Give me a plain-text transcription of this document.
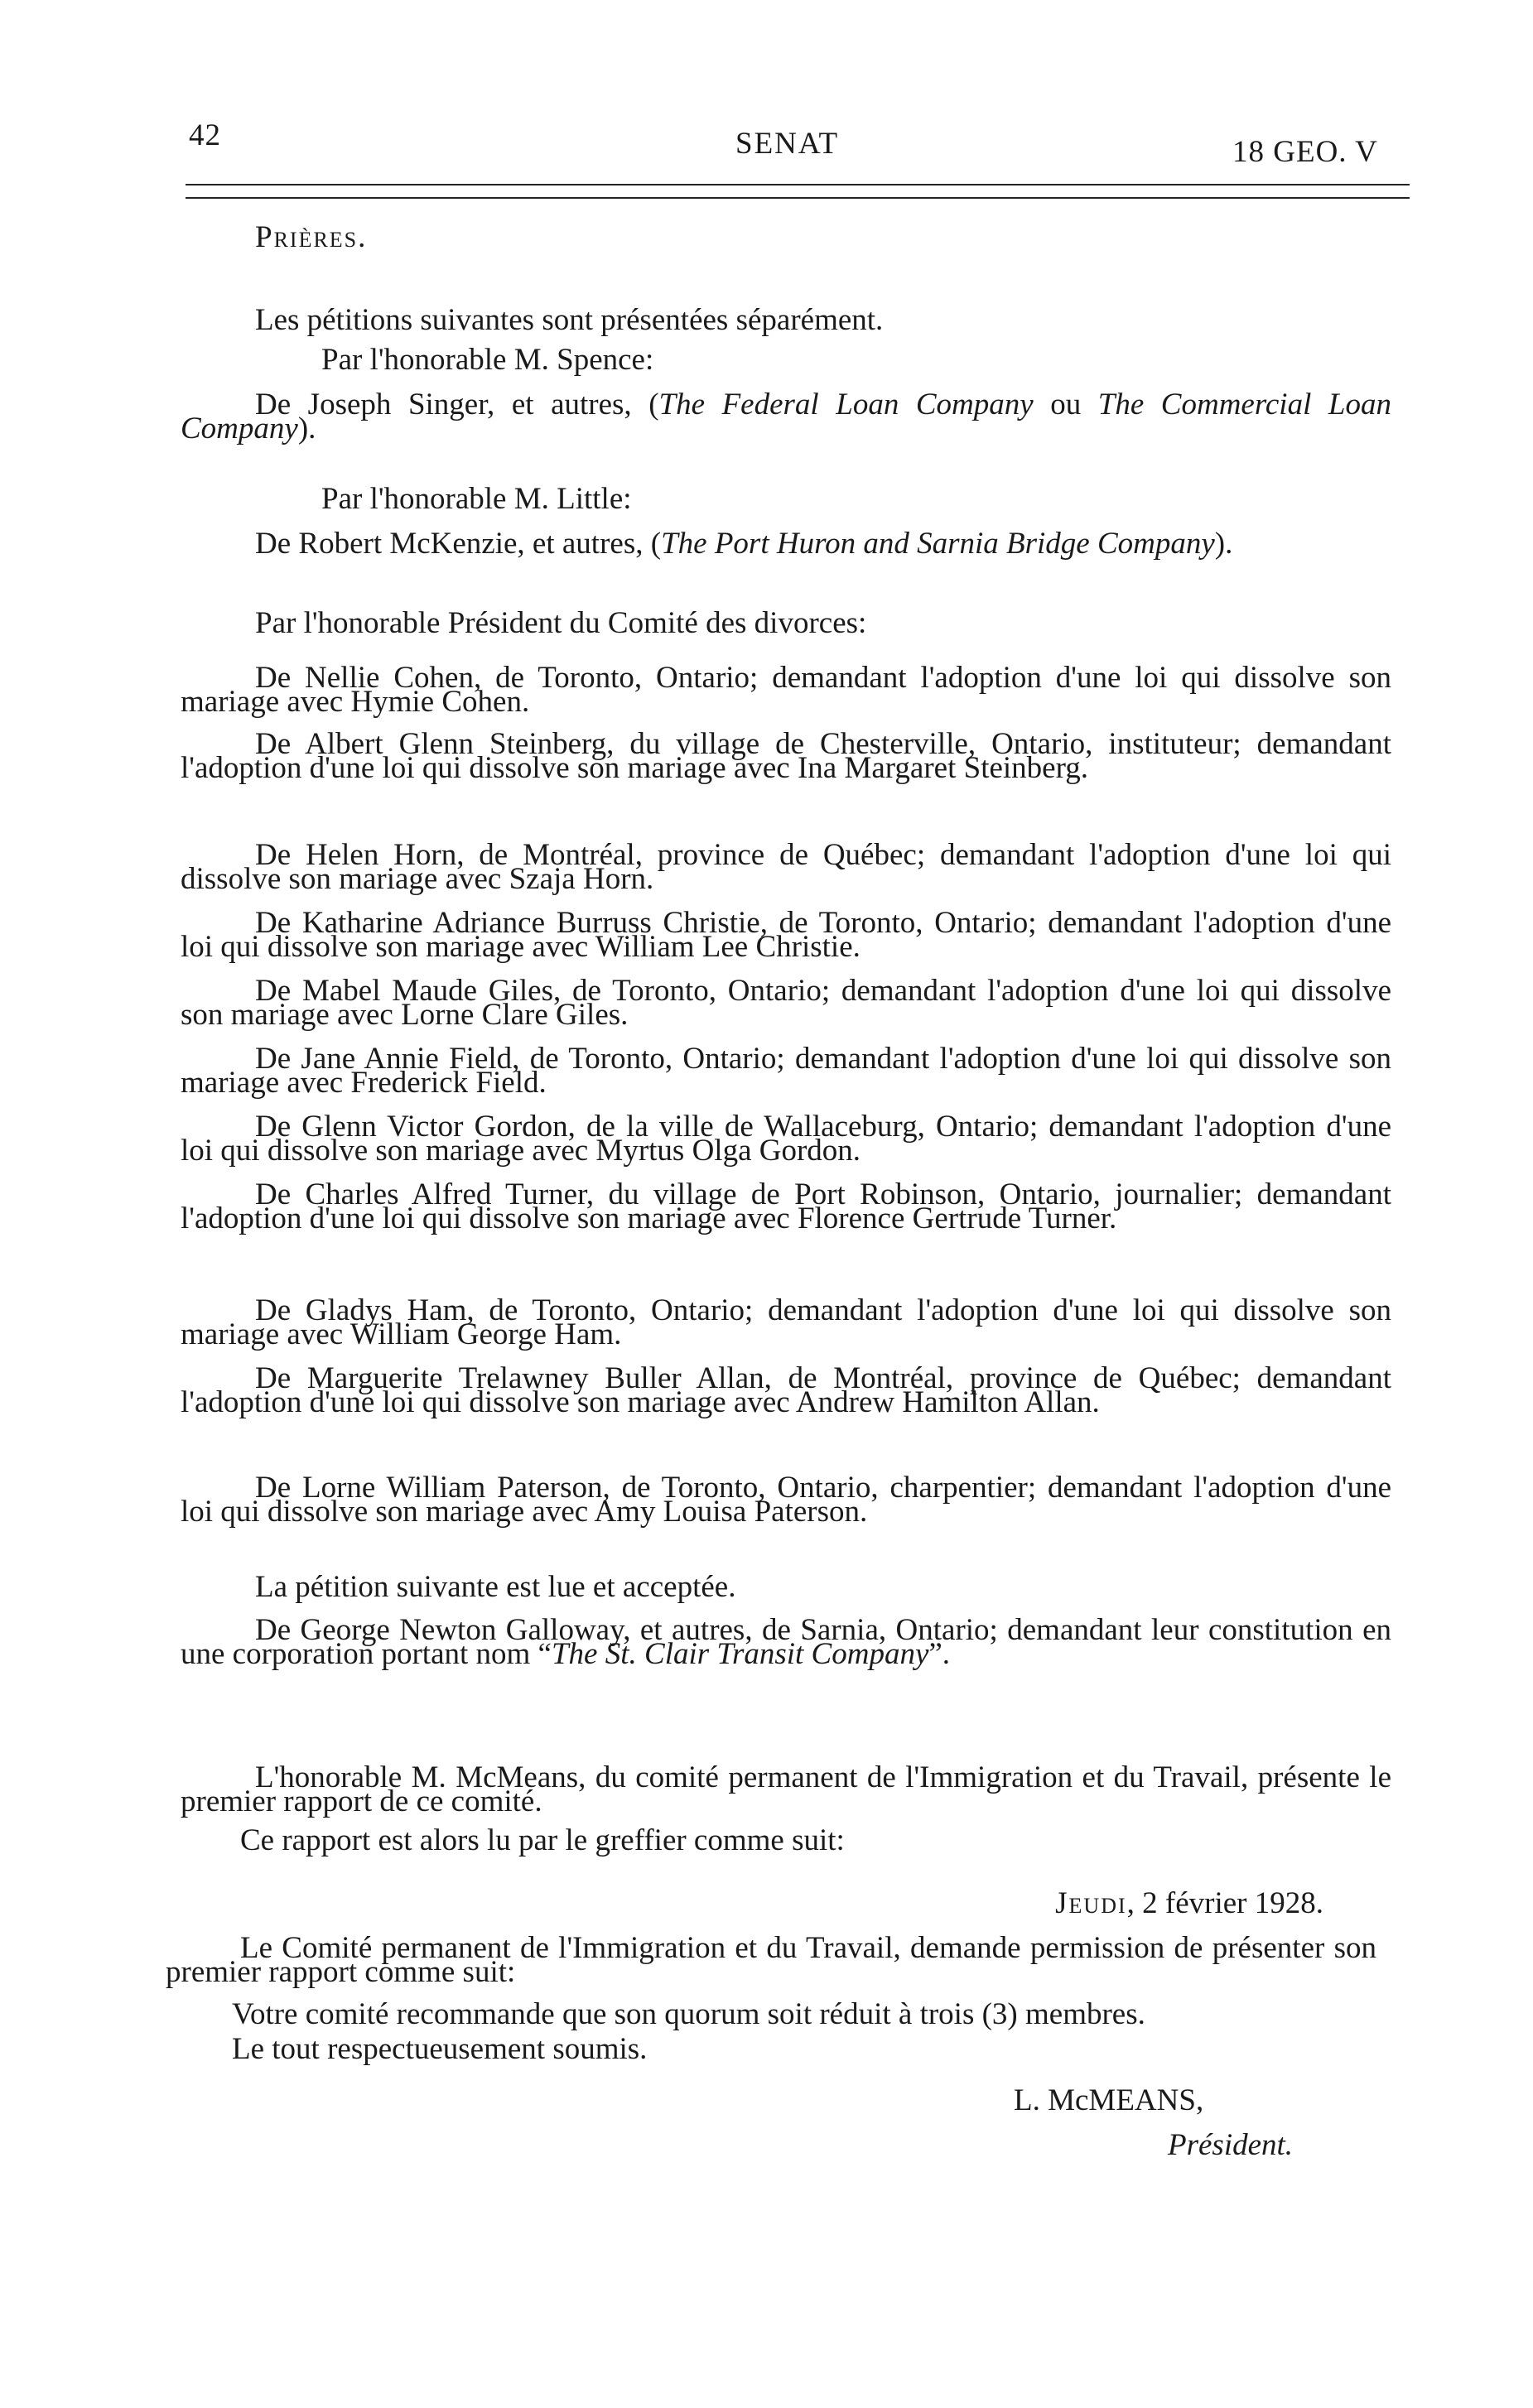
42	SENAT	18 GEO. V
Prières.
Les pétitions suivantes sont présentées séparément.
Par l'honorable M. Spence:

De Joseph Singer, et autres, (The Federal Loan Company ou The Commercial Loan Company).

Par l'honorable M. Little:

De Robert McKenzie, et autres, (The Port Huron and Sarnia Bridge Company).

Par l'honorable Président du Comité des divorces:

De Nellie Cohen, de Toronto, Ontario; demandant l'adoption d'une loi qui dissolve son mariage avec Hymie Cohen.

De Albert Glenn Steinberg, du village de Chesterville, Ontario, instituteur; demandant l'adoption d'une loi qui dissolve son mariage avec Ina Margaret Steinberg.

De Helen Horn, de Montréal, province de Québec; demandant l'adoption d'une loi qui dissolve son mariage avec Szaja Horn.

De Katharine Adriance Burruss Christie, de Toronto, Ontario; demandant l'adoption d'une loi qui dissolve son mariage avec William Lee Christie.

De Mabel Maude Giles, de Toronto, Ontario; demandant l'adoption d'une loi qui dissolve son mariage avec Lorne Clare Giles.

De Jane Annie Field, de Toronto, Ontario; demandant l'adoption d'une loi qui dissolve son mariage avec Frederick Field.

De Glenn Victor Gordon, de la ville de Wallaceburg, Ontario; demandant l'adoption d'une loi qui dissolve son mariage avec Myrtus Olga Gordon.

De Charles Alfred Turner, du village de Port Robinson, Ontario, journalier; demandant l'adoption d'une loi qui dissolve son mariage avec Florence Gertrude Turner.

De Gladys Ham, de Toronto, Ontario; demandant l'adoption d'une loi qui dissolve son mariage avec William George Ham.

De Marguerite Trelawney Buller Allan, de Montréal, province de Québec; demandant l'adoption d'une loi qui dissolve son mariage avec Andrew Hamilton Allan.

De Lorne William Paterson, de Toronto, Ontario, charpentier; demandant l'adoption d'une loi qui dissolve son mariage avec Amy Louisa Paterson.

La pétition suivante est lue et acceptée.

De George Newton Galloway, et autres, de Sarnia, Ontario; demandant leur constitution en une corporation portant nom “The St. Clair Transit Company”.

L'honorable M. McMeans, du comité permanent de l'Immigration et du Travail, présente le premier rapport de ce comité.

Ce rapport est alors lu par le greffier comme suit:
Jeudi, 2 février 1928.

Le Comité permanent de l'Immigration et du Travail, demande permission de présenter son premier rapport comme suit:

Votre comité recommande que son quorum soit réduit à trois (3) membres.
Le tout respectueusement soumis.
L. McMEANS,
Président.
